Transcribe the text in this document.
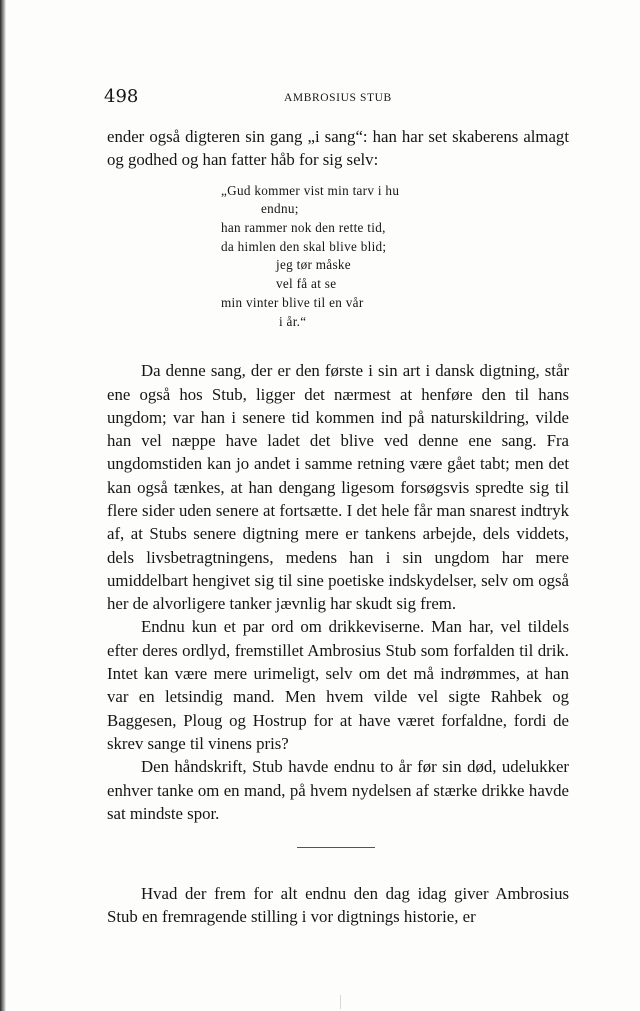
498	AMBROSIUS STUB

ender også digteren sin gang „i sang“: han har set skaberens almagt og godhed og han fatter håb for sig selv:

„Gud kommer vist min tarv i hu
endnu;
han rammer nok den rette tid,
da himlen den skal blive blid;
jeg tør måske
vel få at se
min vinter blive til en vår
i år.“

Da denne sang, der er den første i sin art i dansk digtning, står ene også hos Stub, ligger det nærmest at henføre den til hans ungdom; var han i senere tid kommen ind på naturskildring, vilde han vel næppe have ladet det blive ved denne ene sang. Fra ungdomstiden kan jo andet i samme retning være gået tabt; men det kan også tænkes, at han dengang ligesom forsøgsvis spredte sig til flere sider uden senere at fortsætte. I det hele får man snarest indtryk af, at Stubs senere digtning mere er tankens arbejde, dels viddets, dels livsbetragtningens, medens han i sin ungdom har mere umiddelbart hengivet sig til sine poetiske indskydelser, selv om også her de alvorligere tanker jævnlig har skudt sig frem.

Endnu kun et par ord om drikkeviserne. Man har, vel tildels efter deres ordlyd, fremstillet Ambrosius Stub som forfalden til drik. Intet kan være mere urimeligt, selv om det må indrømmes, at han var en letsindig mand. Men hvem vilde vel sigte Rahbek og Baggesen, Ploug og Hostrup for at have været forfaldne, fordi de skrev sange til vinens pris?

Den håndskrift, Stub havde endnu to år før sin død, udelukker enhver tanke om en mand, på hvem nydelsen af stærke drikke havde sat mindste spor.

Hvad der frem for alt endnu den dag idag giver Ambrosius Stub en fremragende stilling i vor digtnings historie, er
